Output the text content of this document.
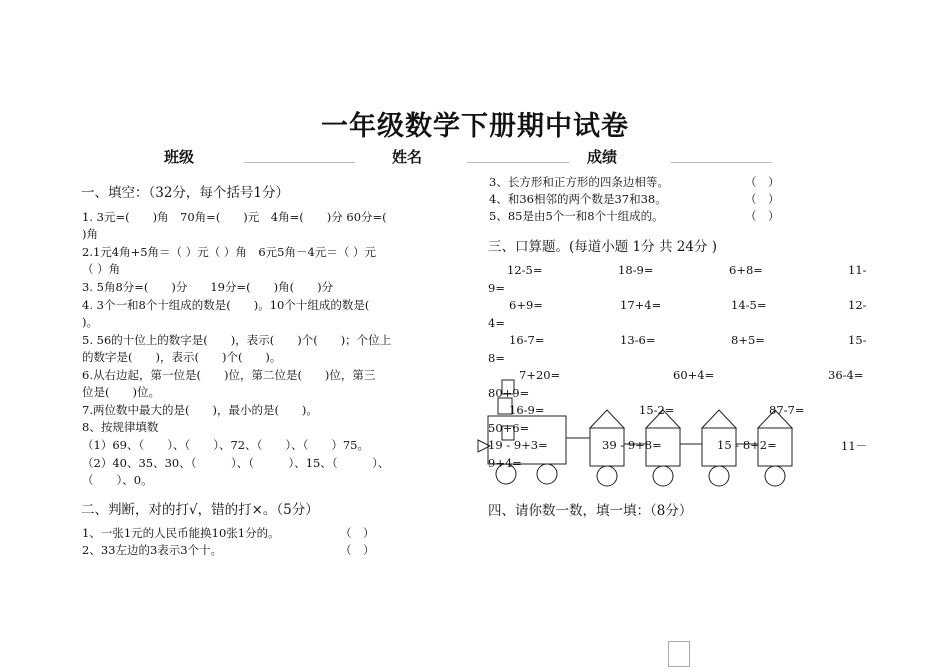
一年级数学下册期中试卷
班级	姓名	成绩
一、填空：（32分，每个括号1分）
1. 3元=(　　)角　70角=(　　)元　4角=(　　)分 60分=(
)角
2.1元4角+5角＝（ ）元（ ）角　6元5角－4元＝（ ）元
（ ）角
3. 5角8分=(　　)分　　19分=(　　)角(　　)分
4. 3个一和8个十组成的数是(　　)。10个十组成的数是(
)。
5. 56的十位上的数字是(　　)，表示(　　)个(　　)；个位上
的数字是(　　)，表示(　　)个(　　)。
6.从右边起，第一位是(　　)位，第二位是(　　)位，第三
位是(　　)位。
7.两位数中最大的是(　　)，最小的是(　　)。
8、按规律填数
（1）69、（　　）、（　　）、72、（　　）、（　　）75。
（2）40、35、30、（　　　）、（　　　）、15、（　　　）、
（　　）、0。
二、判断，对的打√，错的打×。（5分）
1、一张1元的人民币能换10张1分的。	（　）
2、33左边的3表示3个十。	（　）
3、长方形和正方形的四条边相等。	（　）
4、和36相邻的两个数是37和38。	（　）
5、85是由5个一和8个十组成的。	（　）
三、口算题。(每道小题 1分 共 24分 )
12-5=	18-9=	6+8=	11-
9=
6+9=	17+4=	14-5=	12-
4=
16-7=	13-6=	8+5=	15-
8=
7+20=	60+4=	36-4=
80+9=
16-9=	15-2=	87-7=
50+6=
19 - 9+3=	39 - 9+8=	15 - 8+2=	11－
9+4=
四、请你数一数，填一填：（8分）
